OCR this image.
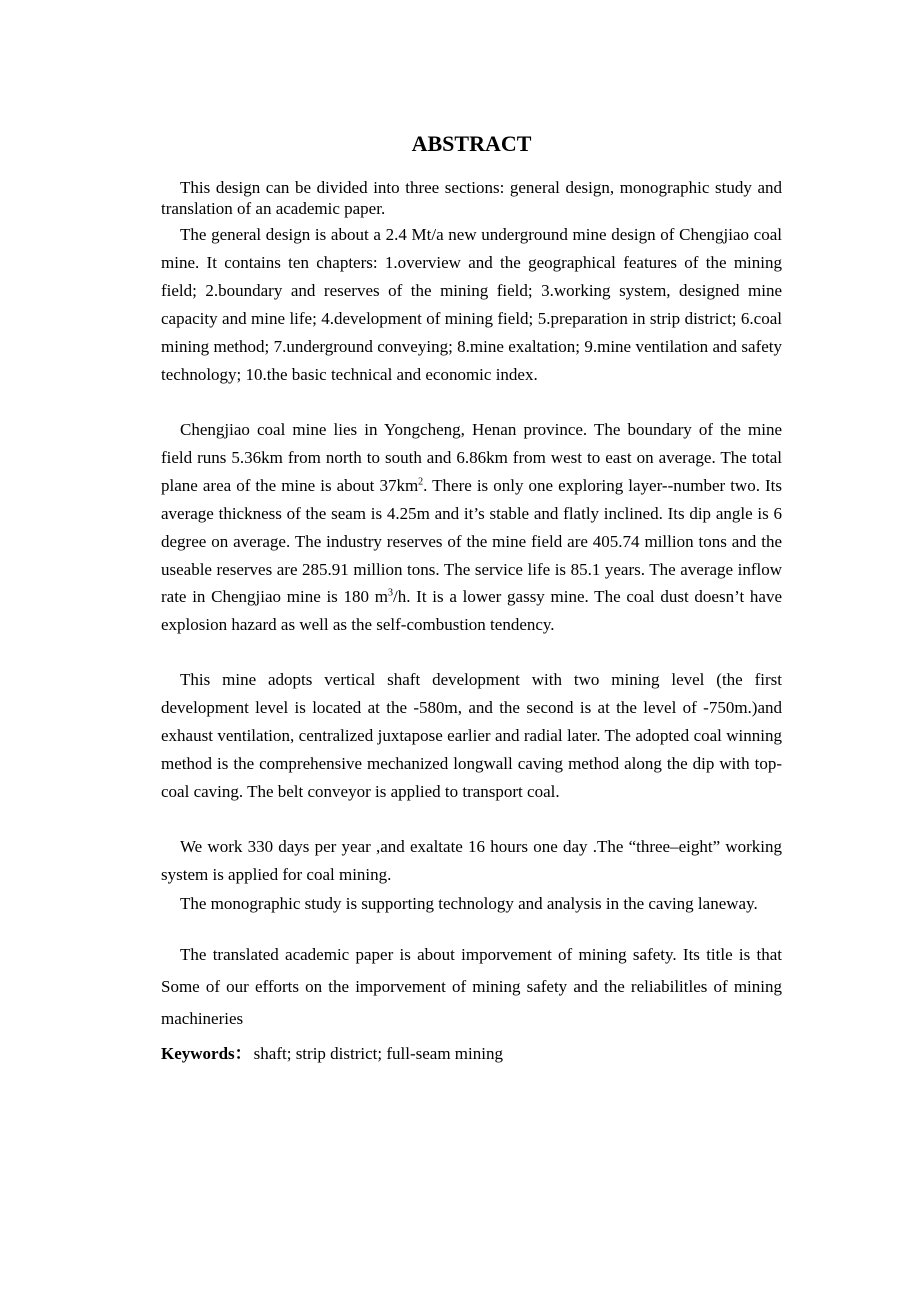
ABSTRACT

This design can be divided into three sections: general design, monographic study and translation of an academic paper.

The general design is about a 2.4 Mt/a new underground mine design of Chengjiao coal mine. It contains ten chapters: 1.overview and the geographical features of the mining field; 2.boundary and reserves of the mining field; 3.working system, designed mine capacity and mine life; 4.development of mining field; 5.preparation in strip district; 6.coal mining method; 7.underground conveying; 8.mine exaltation; 9.mine ventilation and safety technology; 10.the basic technical and economic index.

Chengjiao coal mine lies in Yongcheng, Henan province. The boundary of the mine field runs 5.36km from north to south and 6.86km from west to east on average. The total plane area of the mine is about $37km^2$. There is only one exploring layer--number two. Its average thickness of the seam is 4.25m and it’s stable and flatly inclined. Its dip angle is 6 degree on average. The industry reserves of the mine field are 405.74 million tons and the useable reserves are 285.91 million tons. The service life is 85.1 years. The average inflow rate in Chengjiao mine is 180 $m^3/h$. It is a lower gassy mine. The coal dust doesn’t have explosion hazard as well as the self-combustion tendency.

This mine adopts vertical shaft development with two mining level (the first development level is located at the -580m, and the second is at the level of -750m.)and exhaust ventilation, centralized juxtapose earlier and radial later. The adopted coal winning method is the comprehensive mechanized longwall caving method along the dip with top-coal caving. The belt conveyor is applied to transport coal.

We work 330 days per year ,and exaltate 16 hours one day .The “three–eight” working system is applied for coal mining.

The monographic study is supporting technology and analysis in the caving laneway.

The translated academic paper is about imporvement of mining safety. Its title is that Some of our efforts on the imporvement of mining safety and the reliabilitles of mining machineries

Keywords： shaft; strip district; full-seam mining
